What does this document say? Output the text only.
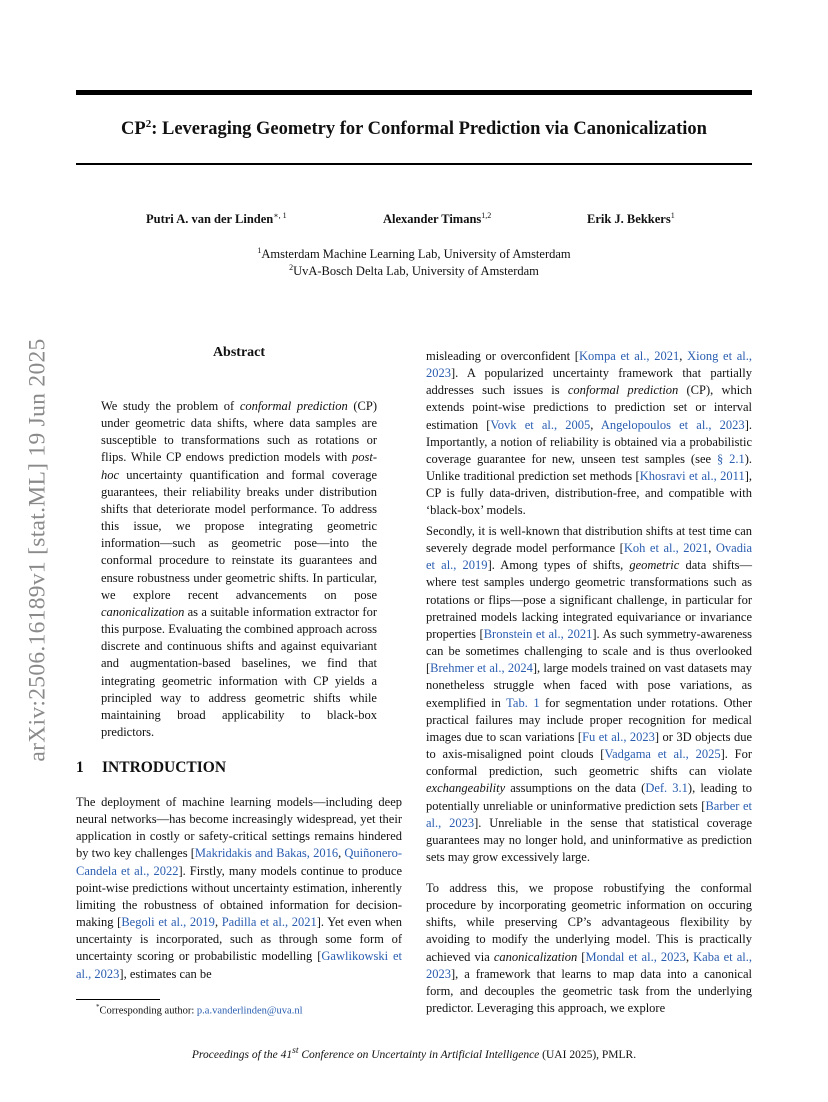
arXiv:2506.16189v1 [stat.ML] 19 Jun 2025
$CP^2$: Leveraging Geometry for Conformal Prediction via Canonicalization
Putri A. van der Linden$^{∗, 1}$	Alexander Timans$^{1,2}$	Erik J. Bekkers$^1$
$^1$Amsterdam Machine Learning Lab, University of Amsterdam
$^2$UvA-Bosch Delta Lab, University of Amsterdam
Abstract
We study the problem of conformal prediction (CP) under geometric data shifts, where data samples are susceptible to transformations such as rotations or flips. While CP endows prediction models with post-hoc uncertainty quantification and formal coverage guarantees, their reliability breaks under distribution shifts that deteriorate model performance. To address this issue, we propose integrating geometric information—such as geometric pose—into the conformal procedure to reinstate its guarantees and ensure robustness under geometric shifts. In particular, we explore recent advancements on pose canonicalization as a suitable information extractor for this purpose. Evaluating the combined approach across discrete and continuous shifts and against equivariant and augmentation-based baselines, we find that integrating geometric information with CP yields a principled way to address geometric shifts while maintaining broad applicability to black-box predictors.
1 INTRODUCTION
The deployment of machine learning models—including deep neural networks—has become increasingly widespread, yet their application in costly or safety-critical settings remains hindered by two key challenges [Makridakis and Bakas, 2016, Quiñonero-Candela et al., 2022]. Firstly, many models continue to produce point-wise predictions without uncertainty estimation, inherently limiting the robustness of obtained information for decision-making [Begoli et al., 2019, Padilla et al., 2021]. Yet even when uncertainty is incorporated, such as through some form of uncertainty scoring or probabilistic modelling [Gawlikowski et al., 2023], estimates can be
misleading or overconfident [Kompa et al., 2021, Xiong et al., 2023]. A popularized uncertainty framework that partially addresses such issues is conformal prediction (CP), which extends point-wise predictions to prediction set or interval estimation [Vovk et al., 2005, Angelopoulos et al., 2023]. Importantly, a notion of reliability is obtained via a probabilistic coverage guarantee for new, unseen test samples (see § 2.1). Unlike traditional prediction set methods [Khosravi et al., 2011], CP is fully data-driven, distribution-free, and compatible with ‘black-box’ models.
Secondly, it is well-known that distribution shifts at test time can severely degrade model performance [Koh et al., 2021, Ovadia et al., 2019]. Among types of shifts, geometric data shifts—where test samples undergo geometric transformations such as rotations or flips—pose a significant challenge, in particular for pretrained models lacking integrated equivariance or invariance properties [Bronstein et al., 2021]. As such symmetry-awareness can be sometimes challenging to scale and is thus overlooked [Brehmer et al., 2024], large models trained on vast datasets may nonetheless struggle when faced with pose variations, as exemplified in Tab. 1 for segmentation under rotations. Other practical failures may include proper recognition for medical images due to scan variations [Fu et al., 2023] or 3D objects due to axis-misaligned point clouds [Vadgama et al., 2025]. For conformal prediction, such geometric shifts can violate exchangeability assumptions on the data (Def. 3.1), leading to potentially unreliable or uninformative prediction sets [Barber et al., 2023]. Unreliable in the sense that statistical coverage guarantees may no longer hold, and uninformative as prediction sets may grow excessively large.
To address this, we propose robustifying the conformal procedure by incorporating geometric information on occuring shifts, while preserving CP’s advantageous flexibility by avoiding to modify the underlying model. This is practically achieved via canonicalization [Mondal et al., 2023, Kaba et al., 2023], a framework that learns to map data into a canonical form, and decouples the geometric task from the underlying predictor. Leveraging this approach, we explore
*Corresponding author: p.a.vanderlinden@uva.nl
Proceedings of the 41st Conference on Uncertainty in Artificial Intelligence (UAI 2025), PMLR.
